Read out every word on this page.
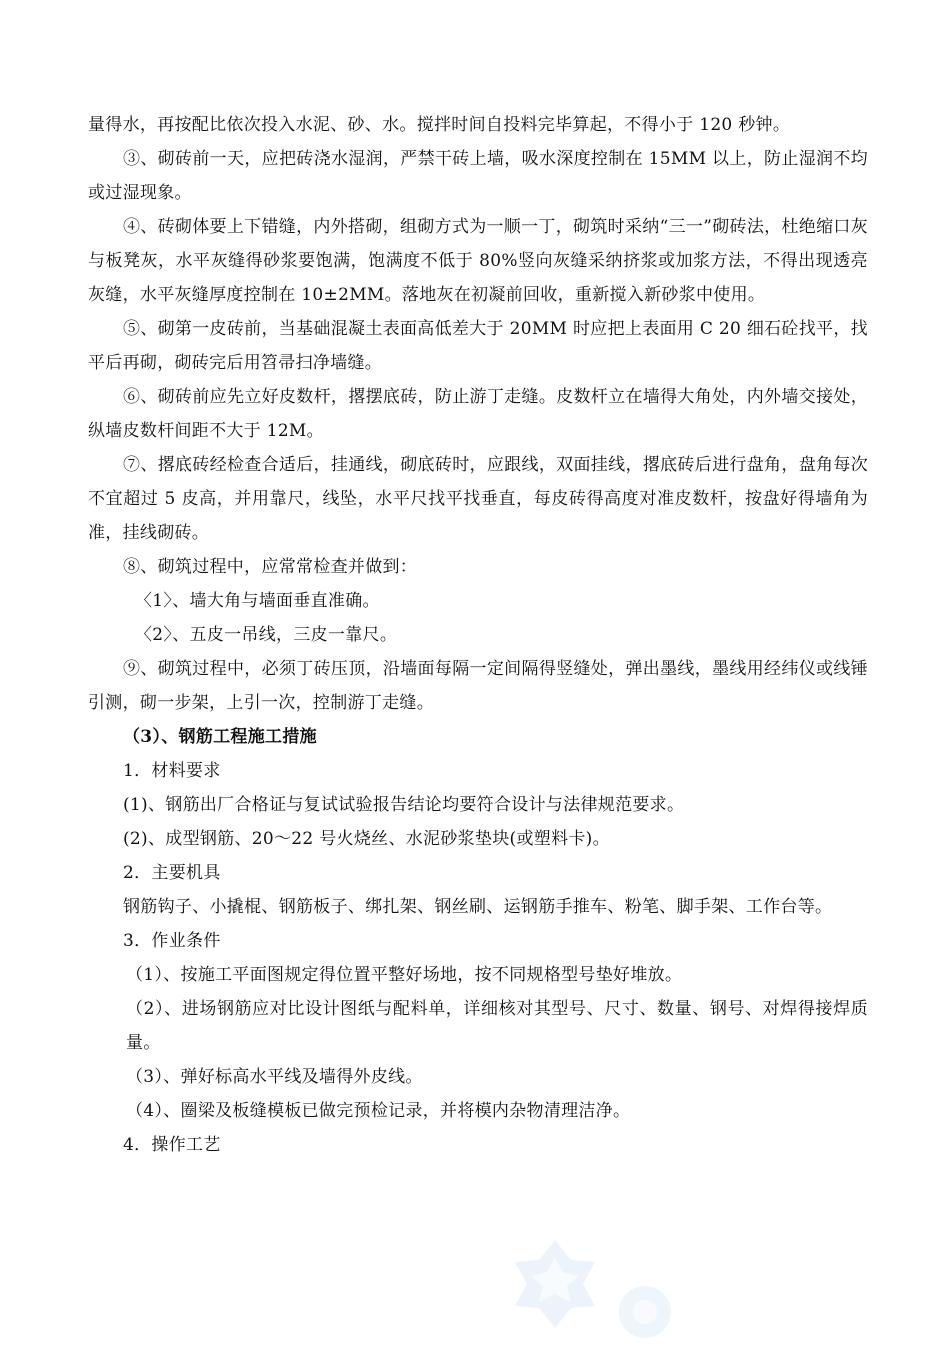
量得水，再按配比依次投入水泥、砂、水。搅拌时间自投料完毕算起，不得小于 120 秒钟。

③、砌砖前一天，应把砖浇水湿润，严禁干砖上墙，吸水深度控制在 15MM 以上，防止湿润不均或过湿现象。

④、砖砌体要上下错缝，内外搭砌，组砌方式为一顺一丁，砌筑时采纳“三一”砌砖法，杜绝缩口灰与板凳灰，水平灰缝得砂浆要饱满，饱满度不低于 80%竖向灰缝采纳挤浆或加浆方法，不得出现透亮灰缝，水平灰缝厚度控制在 10±2MM。落地灰在初凝前回收，重新搅入新砂浆中使用。

⑤、砌第一皮砖前，当基础混凝土表面高低差大于 20MM 时应把上表面用 C 20 细石砼找平，找平后再砌，砌砖完后用笤帚扫净墙缝。

⑥、砌砖前应先立好皮数杆，撂摆底砖，防止游丁走缝。皮数杆立在墙得大角处，内外墙交接处，纵墙皮数杆间距不大于 12M。

⑦、撂底砖经检查合适后，挂通线，砌底砖时，应跟线，双面挂线，撂底砖后进行盘角，盘角每次不宜超过 5 皮高，并用靠尺，线坠，水平尺找平找垂直，每皮砖得高度对准皮数杆，按盘好得墙角为准，挂线砌砖。

⑧、砌筑过程中，应常常检查并做到：

〈1〉、墙大角与墙面垂直准确。

〈2〉、五皮一吊线，三皮一靠尺。

⑨、砌筑过程中，必须丁砖压顶，沿墙面每隔一定间隔得竖缝处，弹出墨线，墨线用经纬仪或线锤引测，砌一步架，上引一次，控制游丁走缝。

（3）、钢筋工程施工措施

1．材料要求

(1)、钢筋出厂合格证与复试试验报告结论均要符合设计与法律规范要求。

(2)、成型钢筋、20～22 号火烧丝、水泥砂浆垫块(或塑料卡)。

2．主要机具

钢筋钩子、小撬棍、钢筋板子、绑扎架、钢丝刷、运钢筋手推车、粉笔、脚手架、工作台等。

3．作业条件

（1）、按施工平面图规定得位置平整好场地，按不同规格型号垫好堆放。

（2）、进场钢筋应对比设计图纸与配料单，详细核对其型号、尺寸、数量、钢号、对焊得接焊质量。

（3）、弹好标高水平线及墙得外皮线。

（4）、圈梁及板缝模板已做完预检记录，并将模内杂物清理洁净。

4．操作工艺
